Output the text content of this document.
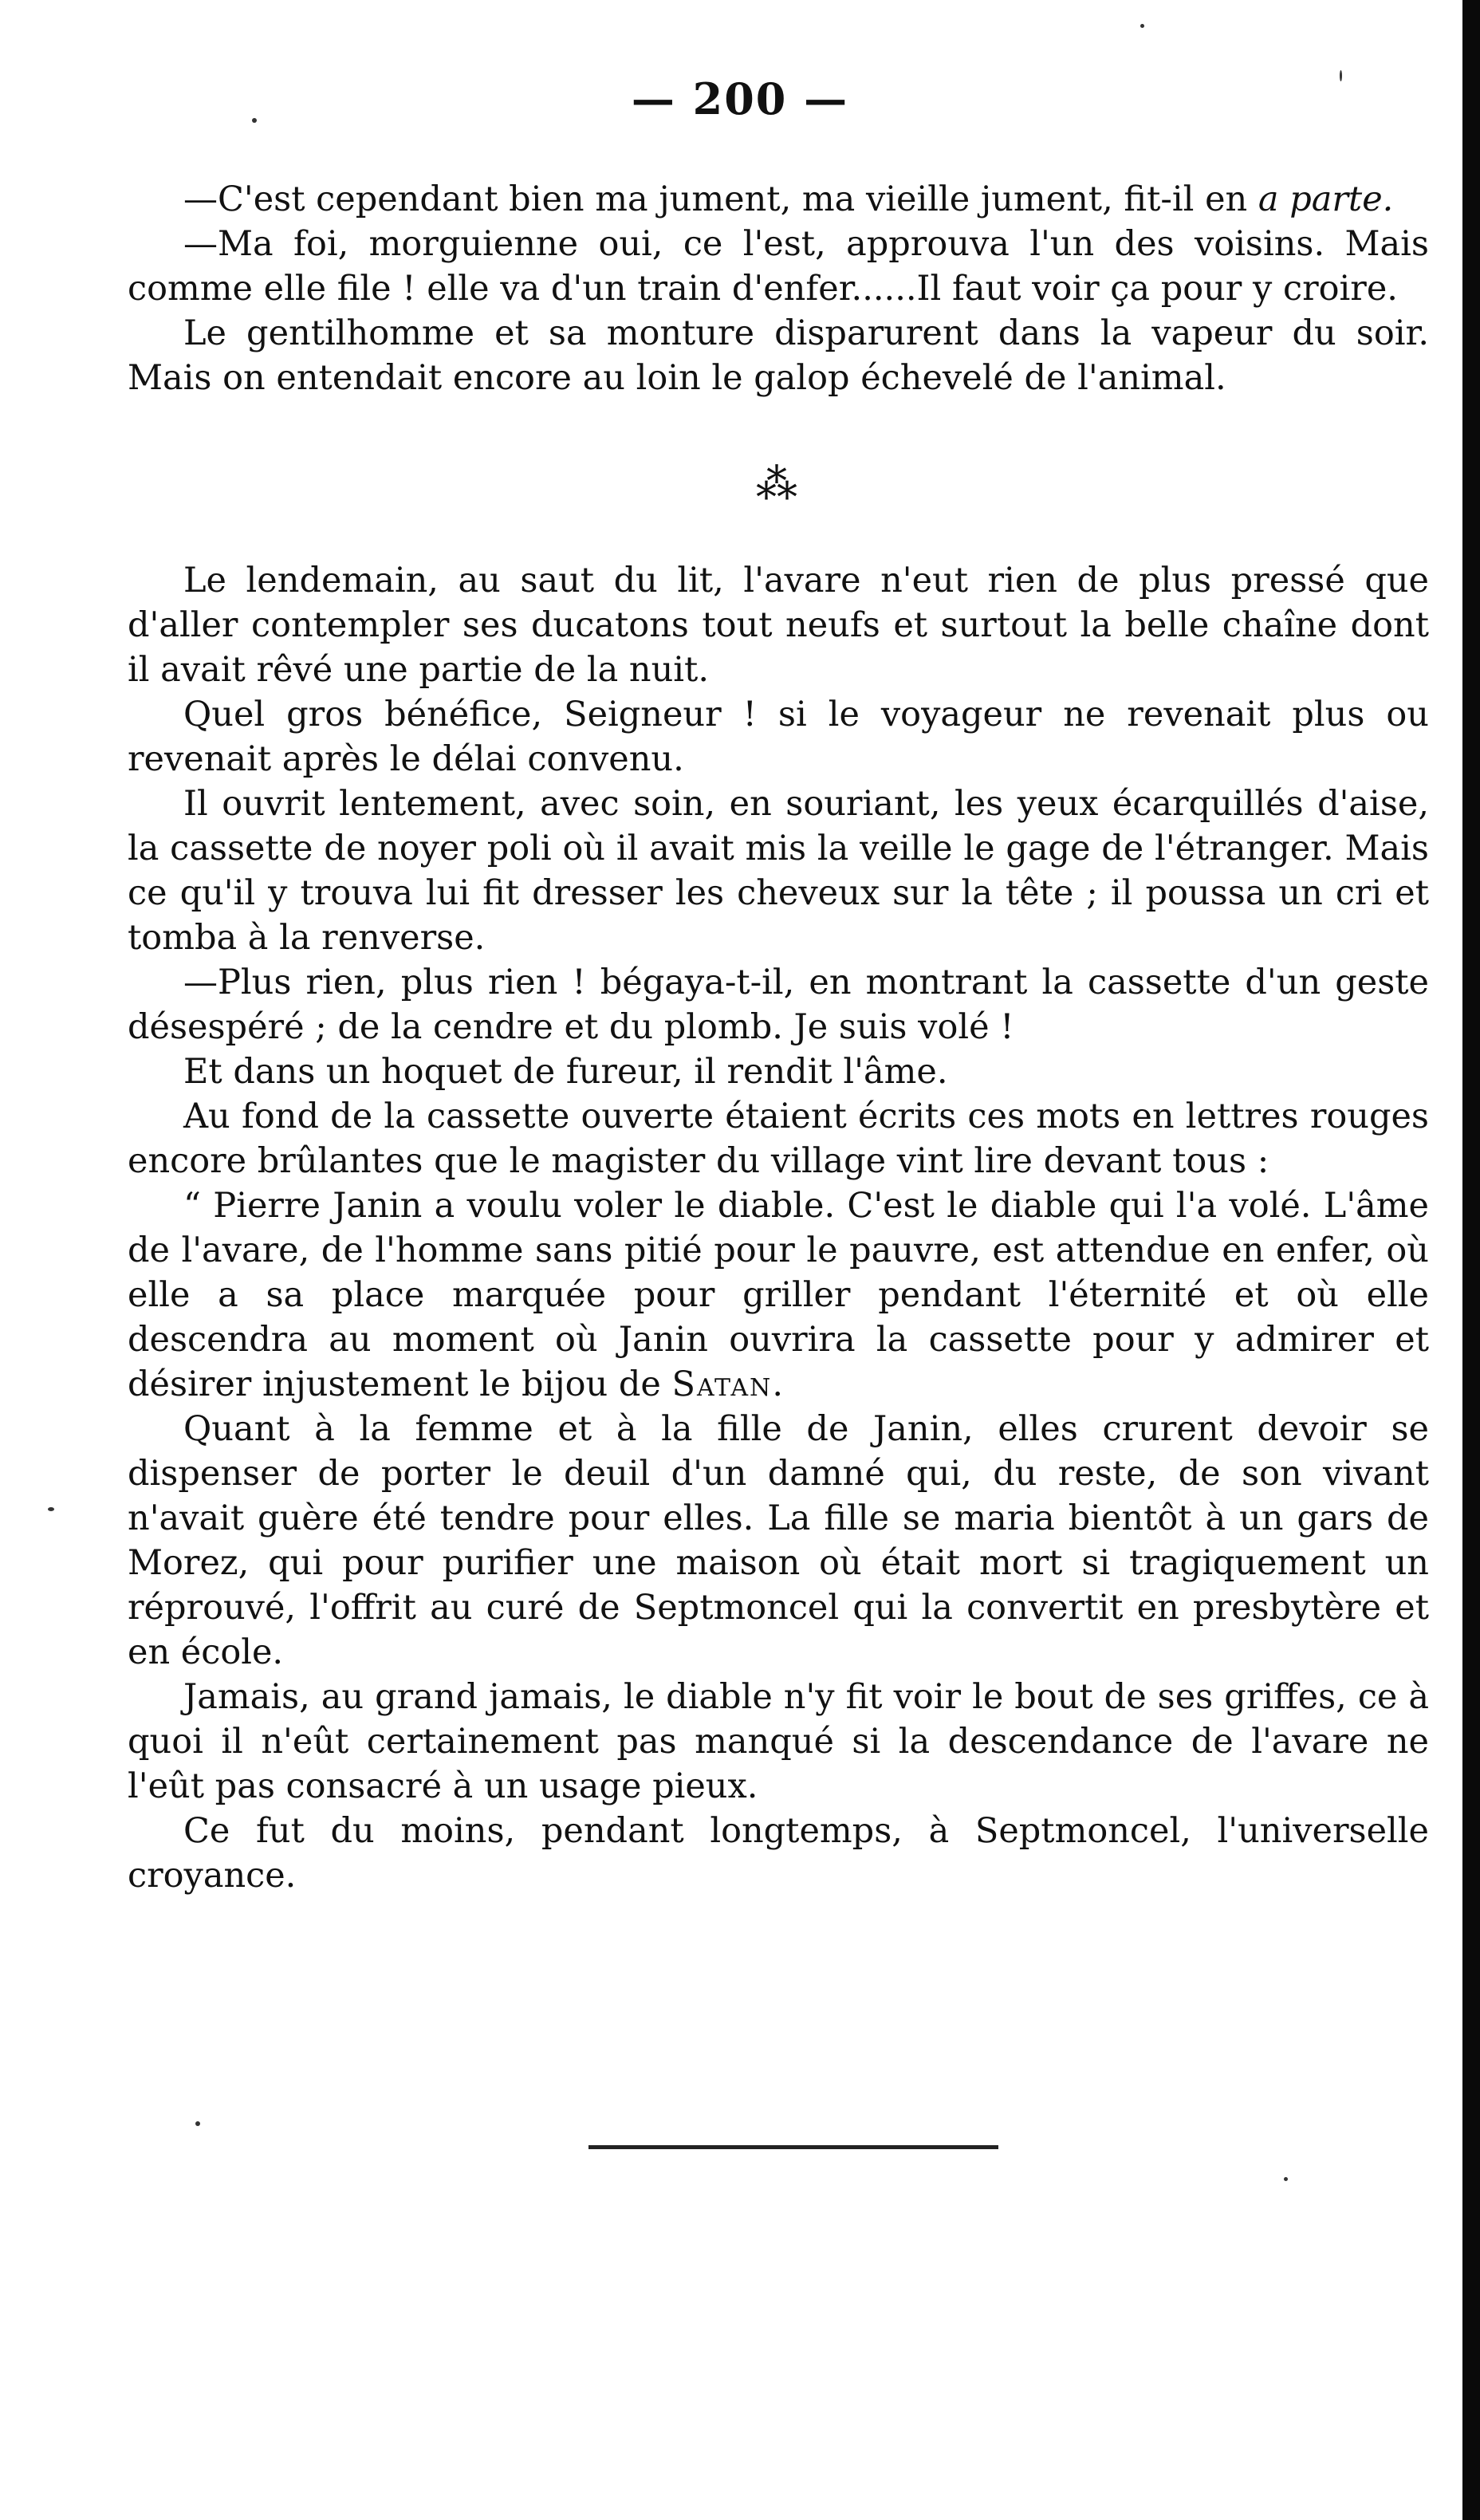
— 200 —

—C'est cependant bien ma jument, ma vieille jument, fit-il en a parte.

—Ma foi, morguienne oui, ce l'est, approuva l'un des voisins. Mais comme elle file ! elle va d'un train d'enfer......Il faut voir ça pour y croire.

Le gentilhomme et sa monture disparurent dans la vapeur du soir. Mais on entendait encore au loin le galop échevelé de l'animal.

⁂

Le lendemain, au saut du lit, l'avare n'eut rien de plus pressé que d'aller contempler ses ducatons tout neufs et surtout la belle chaîne dont il avait rêvé une partie de la nuit.

Quel gros bénéfice, Seigneur ! si le voyageur ne revenait plus ou revenait après le délai convenu.

Il ouvrit lentement, avec soin, en souriant, les yeux écarquillés d'aise, la cassette de noyer poli où il avait mis la veille le gage de l'étranger. Mais ce qu'il y trouva lui fit dresser les cheveux sur la tête ; il poussa un cri et tomba à la renverse.

—Plus rien, plus rien ! bégaya-t-il, en montrant la cassette d'un geste désespéré ; de la cendre et du plomb. Je suis volé !

Et dans un hoquet de fureur, il rendit l'âme.

Au fond de la cassette ouverte étaient écrits ces mots en lettres rouges encore brûlantes que le magister du village vint lire devant tous :

“ Pierre Janin a voulu voler le diable. C'est le diable qui l'a volé. L'âme de l'avare, de l'homme sans pitié pour le pauvre, est attendue en enfer, où elle a sa place marquée pour griller pendant l'éternité et où elle descendra au moment où Janin ouvrira la cassette pour y admirer et désirer injustement le bijou de Satan.

Quant à la femme et à la fille de Janin, elles crurent devoir se dispenser de porter le deuil d'un damné qui, du reste, de son vivant n'avait guère été tendre pour elles. La fille se maria bientôt à un gars de Morez, qui pour purifier une maison où était mort si tragiquement un réprouvé, l'offrit au curé de Septmoncel qui la convertit en presbytère et en école.

Jamais, au grand jamais, le diable n'y fit voir le bout de ses griffes, ce à quoi il n'eût certainement pas manqué si la descendance de l'avare ne l'eût pas consacré à un usage pieux.

Ce fut du moins, pendant longtemps, à Septmoncel, l'universelle croyance.
